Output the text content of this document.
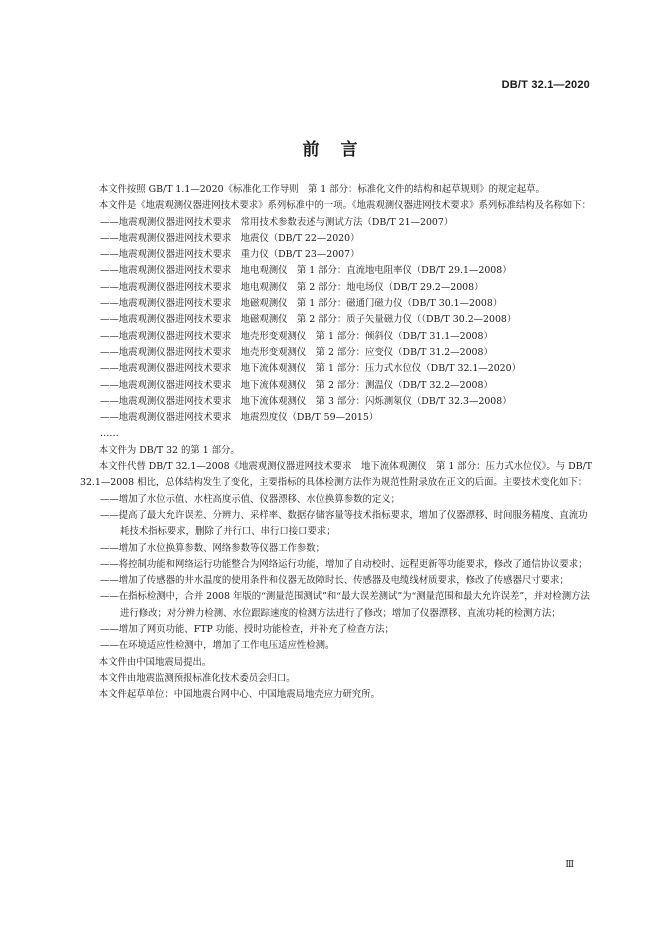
DB/T 32.1—2020
前　言

本文件按照 GB/T 1.1—2020《标准化工作导则　第 1 部分：标准化文件的结构和起草规则》的规定起草。

本文件是《地震观测仪器进网技术要求》系列标准中的一项。《地震观测仪器进网技术要求》系列标准结构及名称如下：

——地震观测仪器进网技术要求　常用技术参数表述与测试方法（DB/T 21—2007）

——地震观测仪器进网技术要求　地震仪（DB/T 22—2020）

——地震观测仪器进网技术要求　重力仪（DB/T 23—2007）

——地震观测仪器进网技术要求　地电观测仪　第 1 部分：直流地电阻率仪（DB/T 29.1—2008）

——地震观测仪器进网技术要求　地电观测仪　第 2 部分：地电场仪（DB/T 29.2—2008）

——地震观测仪器进网技术要求　地磁观测仪　第 1 部分：磁通门磁力仪（DB/T 30.1—2008）

——地震观测仪器进网技术要求　地磁观测仪　第 2 部分：质子矢量磁力仪（（DB/T 30.2—2008）

——地震观测仪器进网技术要求　地壳形变观测仪　第 1 部分：倾斜仪（DB/T 31.1—2008）

——地震观测仪器进网技术要求　地壳形变观测仪　第 2 部分：应变仪（DB/T 31.2—2008）

——地震观测仪器进网技术要求　地下流体观测仪　第 1 部分：压力式水位仪（DB/T 32.1—2020）

——地震观测仪器进网技术要求　地下流体观测仪　第 2 部分：测温仪（DB/T 32.2—2008）

——地震观测仪器进网技术要求　地下流体观测仪　第 3 部分：闪烁测氡仪（DB/T 32.3—2008）

——地震观测仪器进网技术要求　地震烈度仪（DB/T 59—2015）

……

本文件为 DB/T 32 的第 1 部分。

本文件代替 DB/T 32.1—2008《地震观测仪器进网技术要求　地下流体观测仪　第 1 部分：压力式水位仪》。与 DB/T 32.1—2008 相比，总体结构发生了变化，主要指标的具体检测方法作为规范性附录放在正文的后面。主要技术变化如下：

——增加了水位示值、水柱高度示值、仪器漂移、水位换算参数的定义；

——提高了最大允许误差、分辨力、采样率、数据存储容量等技术指标要求，增加了仪器漂移、时间服务精度、直流功耗技术指标要求，删除了并行口、串行口接口要求；

——增加了水位换算参数、网络参数等仪器工作参数；

——将控制功能和网络运行功能整合为网络运行功能，增加了自动校时、远程更新等功能要求，修改了通信协议要求；

——增加了传感器的井水温度的使用条件和仪器无故障时长、传感器及电缆线材质要求，修改了传感器尺寸要求；

——在指标检测中，合并 2008 年版的“测量范围测试”和“最大误差测试”为“测量范围和最大允许误差”，并对检测方法进行修改；对分辨力检测、水位跟踪速度的检测方法进行了修改；增加了仪器漂移、直流功耗的检测方法；

——增加了网页功能、FTP 功能、授时功能检查，并补充了检查方法；

——在环境适应性检测中，增加了工作电压适应性检测。

本文件由中国地震局提出。

本文件由地震监测预报标准化技术委员会归口。

本文件起草单位：中国地震台网中心、中国地震局地壳应力研究所。

Ⅲ
